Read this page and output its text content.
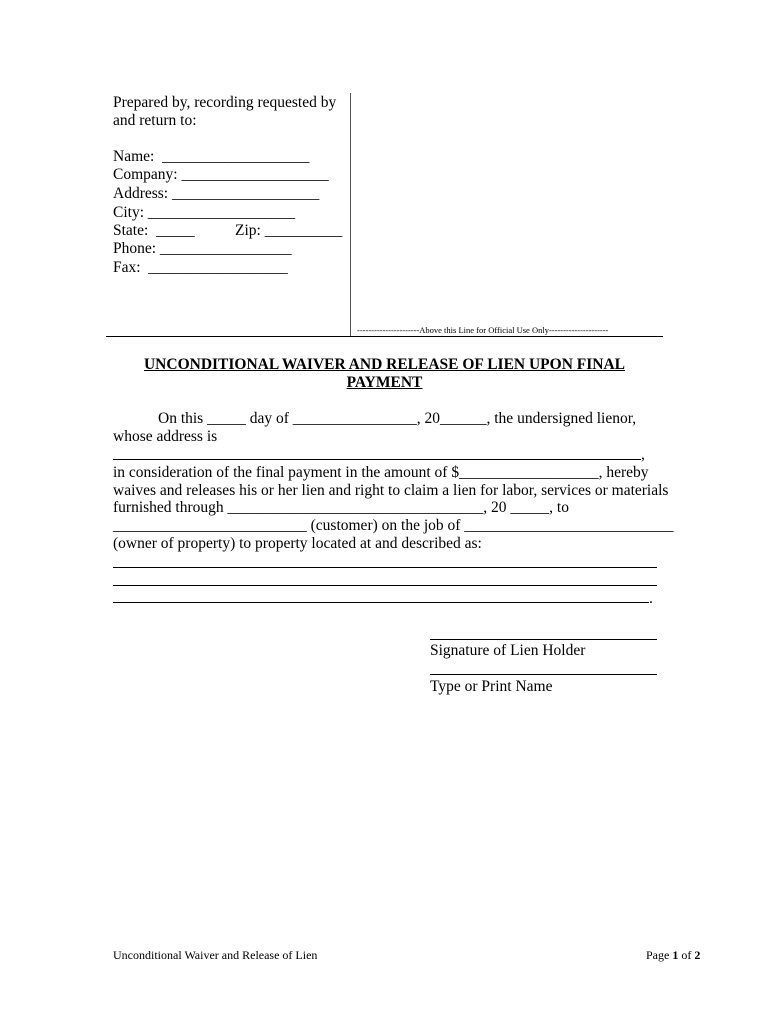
Prepared by, recording requested by
and return to:
Name:  ___________________
Company: ___________________
Address: ___________________
City: ___________________
State:  _____	Zip: __________
Phone: _________________
Fax:  __________________
----------------------Above this Line for Official Use Only---------------------
UNCONDITIONAL WAIVER AND RELEASE OF LIEN UPON FINAL
PAYMENT
On this _____ day of ________________, 20______, the undersigned lienor,
whose address is
,
in consideration of the final payment in the amount of $__________________, hereby
waives and releases his or her lien and right to claim a lien for labor, services or materials
furnished through _________________________________, 20 _____, to
_________________________ (customer) on the job of ___________________________
(owner of property) to property located at and described as:
.
Signature of Lien Holder
Type or Print Name
Unconditional Waiver and Release of Lien	Page 1 of 2
